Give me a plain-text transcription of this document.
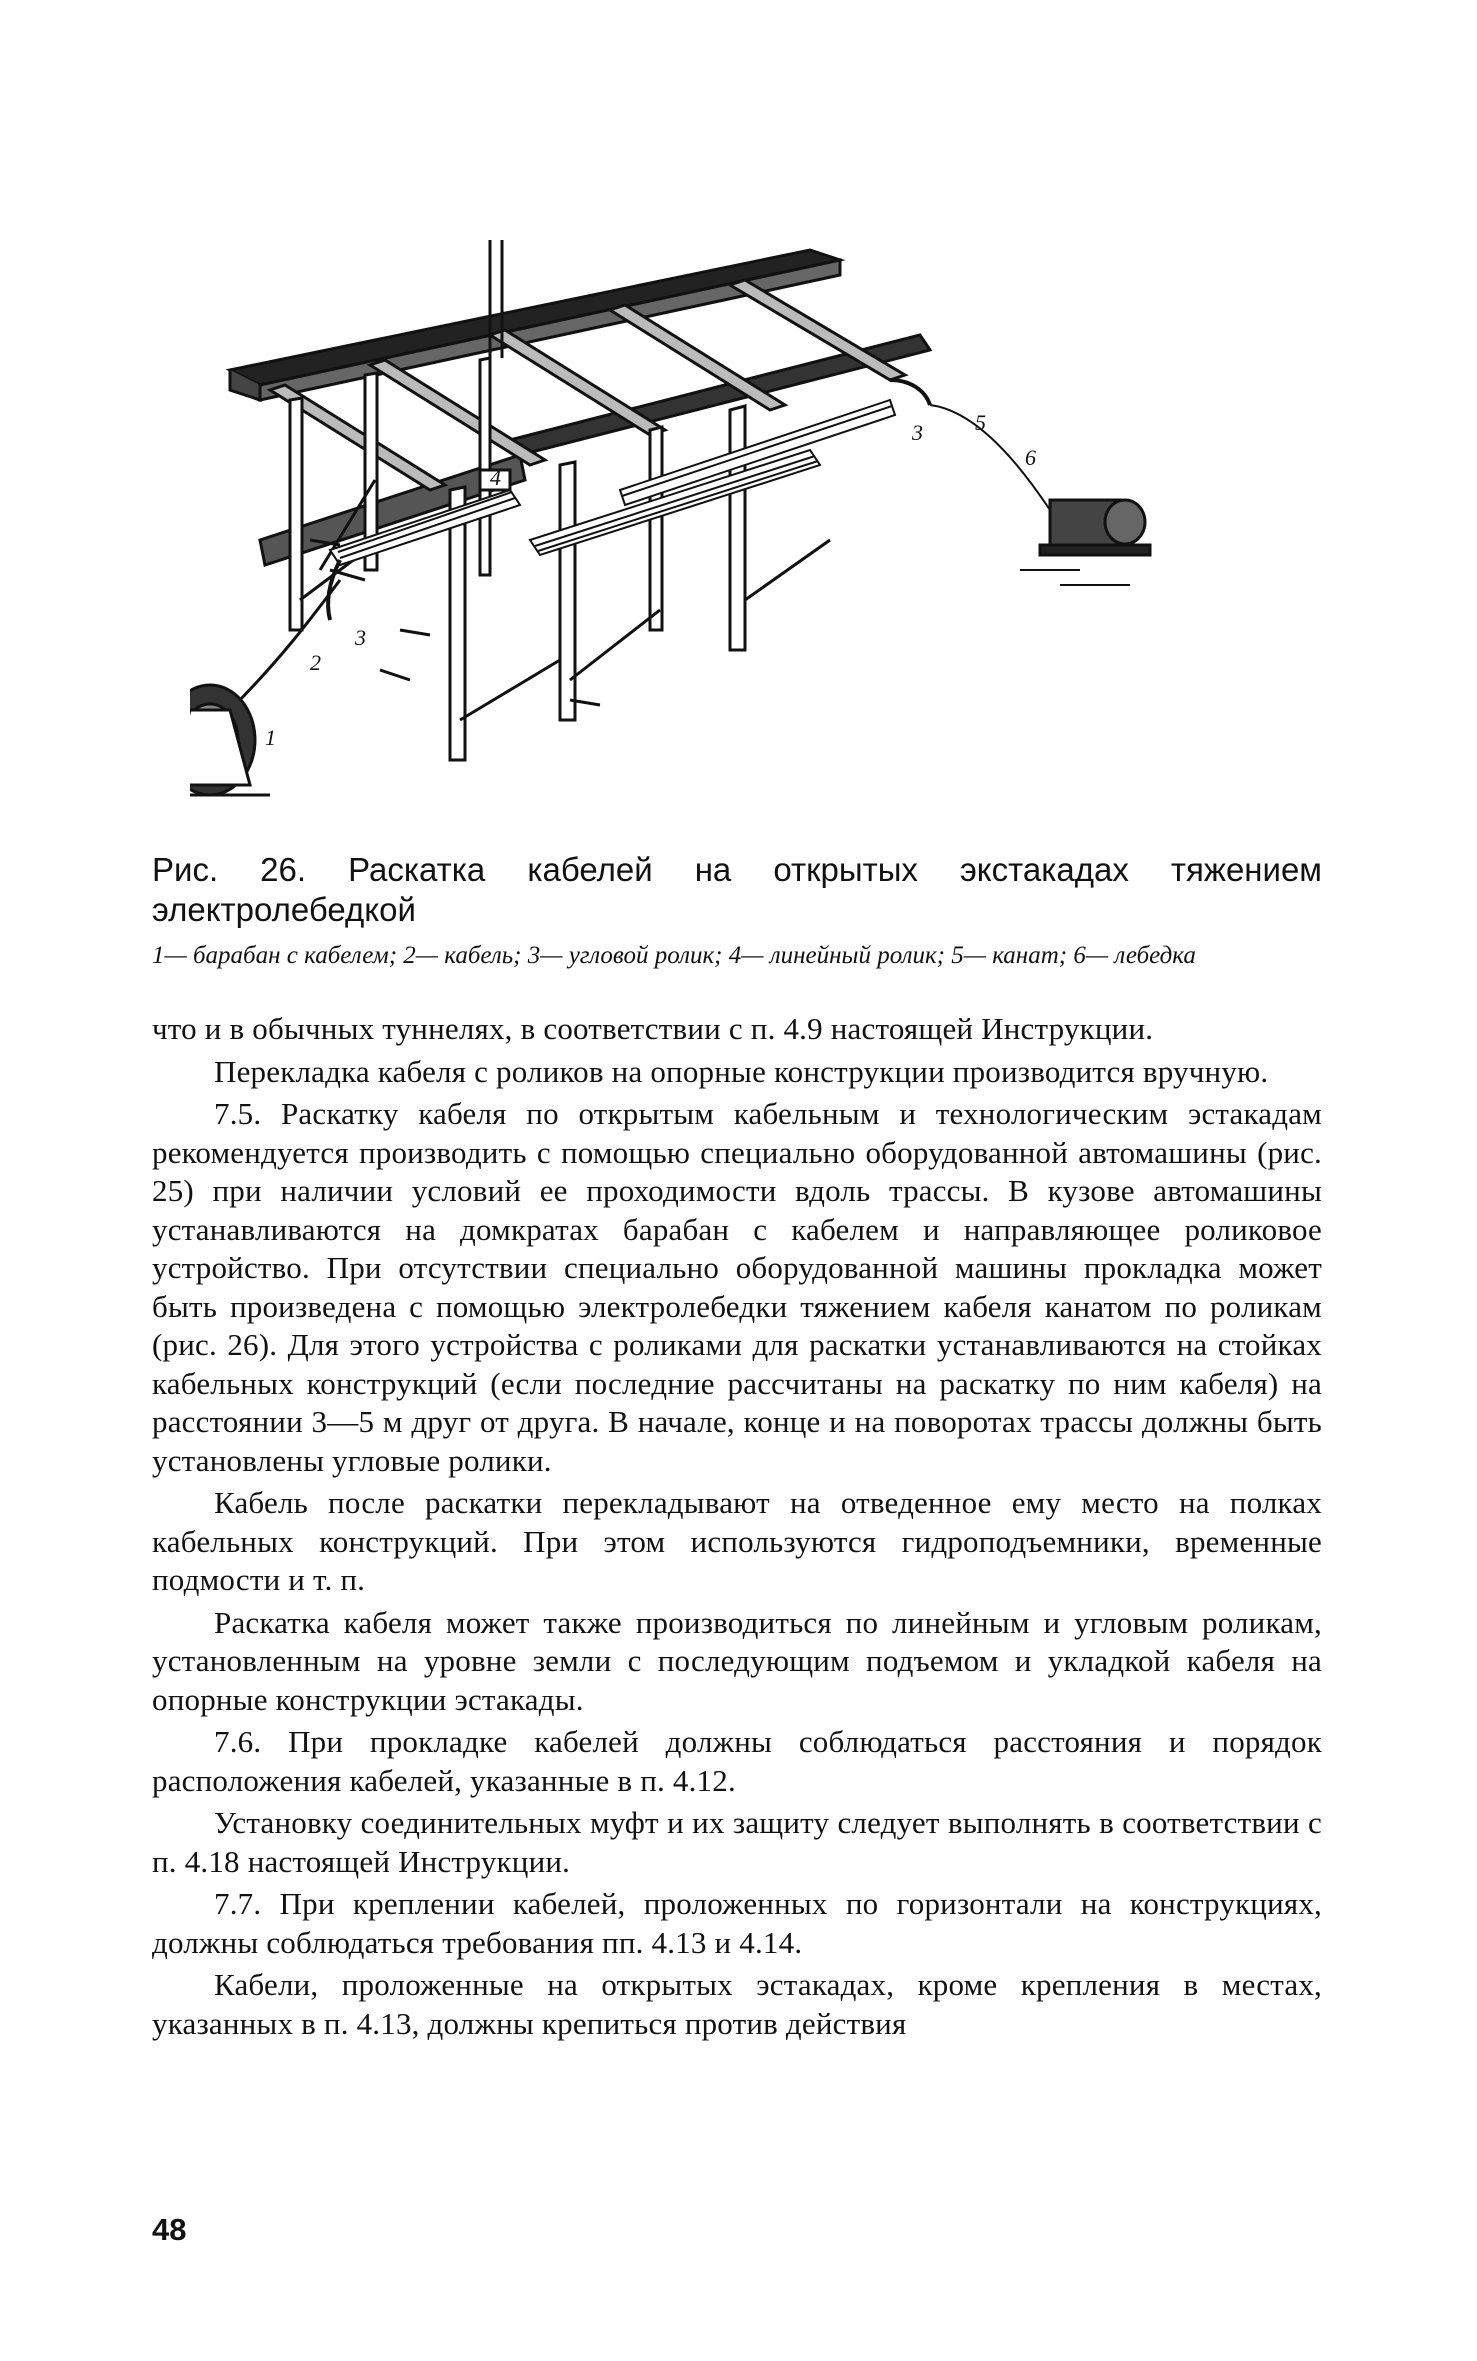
1
2
3
4
3 5
6

Рис. 26. Раскатка кабелей на открытых экстакадах тяжением электролебедкой

1— барабан с кабелем; 2— кабель; 3— угловой ролик; 4— линейный ролик; 5— канат; 6— лебедка

что и в обычных туннелях, в соответствии с п. 4.9 настоящей Инструкции.

Перекладка кабеля с роликов на опорные конструкции производится вручную.

7.5. Раскатку кабеля по открытым кабельным и технологическим эстакадам рекомендуется производить с помощью специально оборудованной автомашины (рис. 25) при наличии условий ее проходимости вдоль трассы. В кузове автомашины устанавливаются на домкратах барабан с кабелем и направляющее роликовое устройство. При отсутствии специально оборудованной машины прокладка может быть произведена с помощью электролебедки тяжением кабеля канатом по роликам (рис. 26). Для этого устройства с роликами для раскатки устанавливаются на стойках кабельных конструкций (если последние рассчитаны на раскатку по ним кабеля) на расстоянии 3—5 м друг от друга. В начале, конце и на поворотах трассы должны быть установлены угловые ролики.

Кабель после раскатки перекладывают на отведенное ему место на полках кабельных конструкций. При этом используются гидроподъемники, временные подмости и т. п.

Раскатка кабеля может также производиться по линейным и угловым роликам, установленным на уровне земли с последующим подъемом и укладкой кабеля на опорные конструкции эстакады.

7.6. При прокладке кабелей должны соблюдаться расстояния и порядок расположения кабелей, указанные в п. 4.12.

Установку соединительных муфт и их защиту следует выполнять в соответствии с п. 4.18 настоящей Инструкции.

7.7. При креплении кабелей, проложенных по горизонтали на конструкциях, должны соблюдаться требования пп. 4.13 и 4.14.

Кабели, проложенные на открытых эстакадах, кроме крепления в местах, указанных в п. 4.13, должны крепиться против действия

48
